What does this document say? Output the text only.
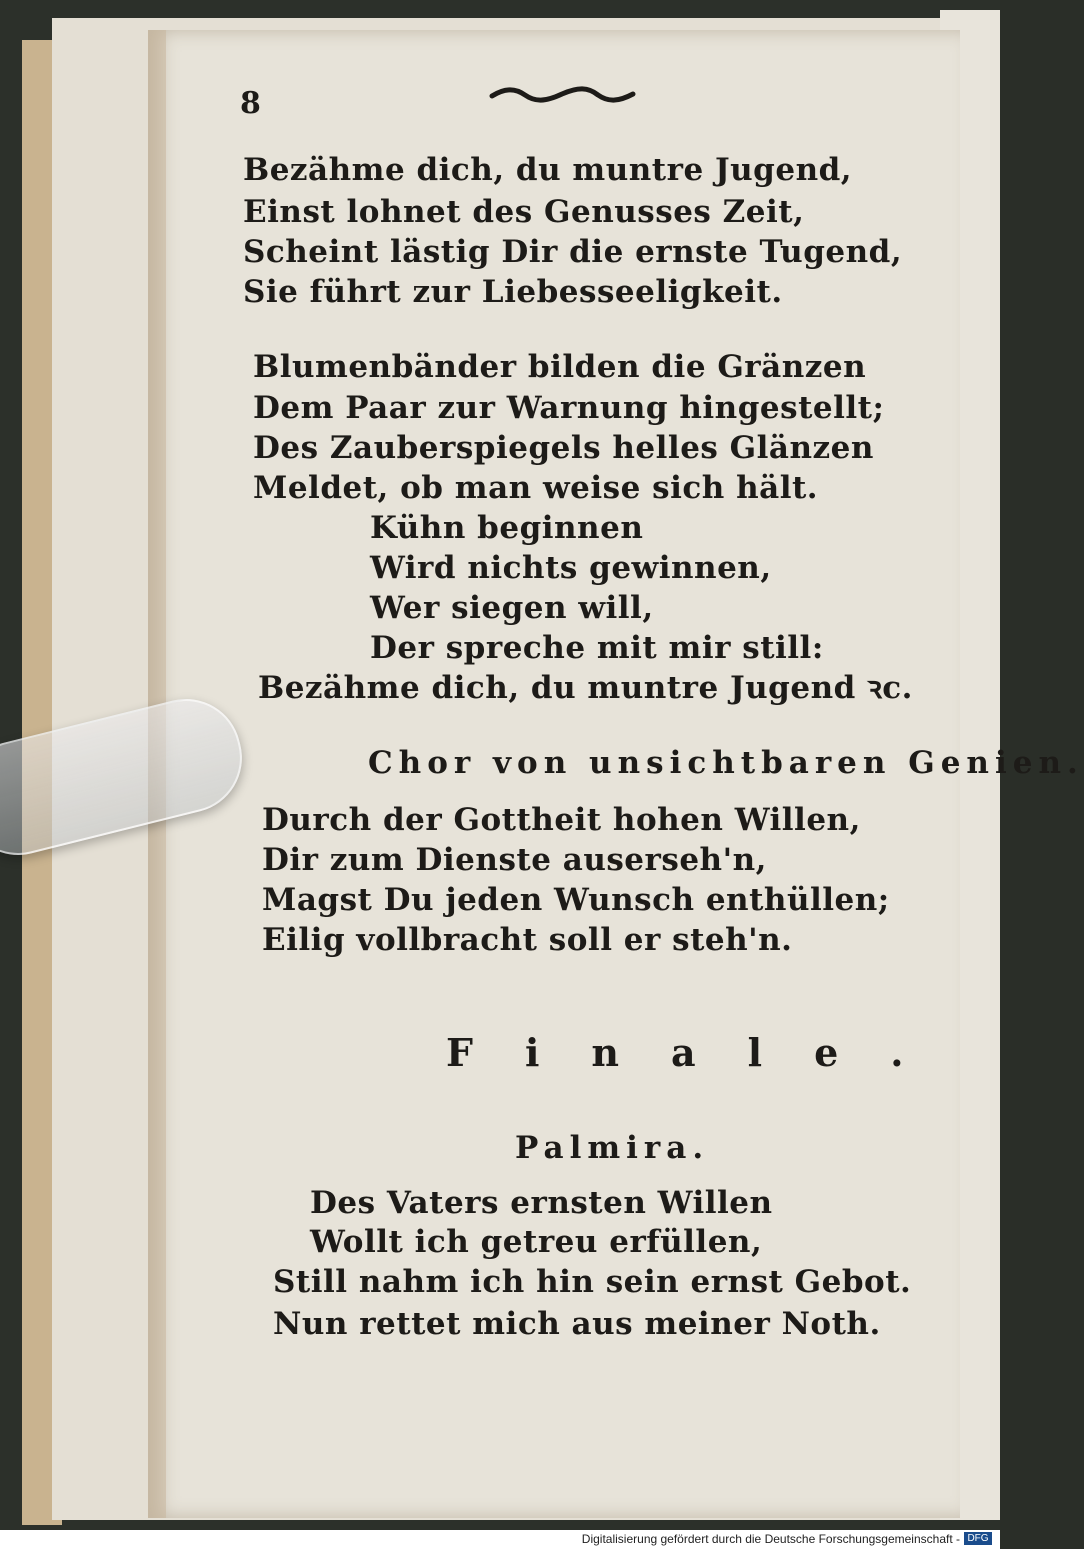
8
Bezähme dich, du muntre Jugend,
Einst lohnet des Genusses Zeit,
Scheint lästig Dir die ernste Tugend,
Sie führt zur Liebesseeligkeit.
Blumenbänder bilden die Gränzen
Dem Paar zur Warnung hingestellt;
Des Zauberspiegels helles Glänzen
Meldet, ob man weise sich hält.
Kühn beginnen
Wird nichts gewinnen,
Wer siegen will,
Der spreche mit mir still:
Bezähme dich, du muntre Jugend ꝛc.
Chor von unsichtbaren Genien.
Durch der Gottheit hohen Willen,
Dir zum Dienste auserseh'n,
Magst Du jeden Wunsch enthüllen;
Eilig vollbracht soll er steh'n.
Finale.
Palmira.
Des Vaters ernsten Willen
Wollt ich getreu erfüllen,
Still nahm ich hin sein ernst Gebot.
Nun rettet mich aus meiner Noth.
Digitalisierung gefördert durch die Deutsche Forschungsgemeinschaft - DFG
